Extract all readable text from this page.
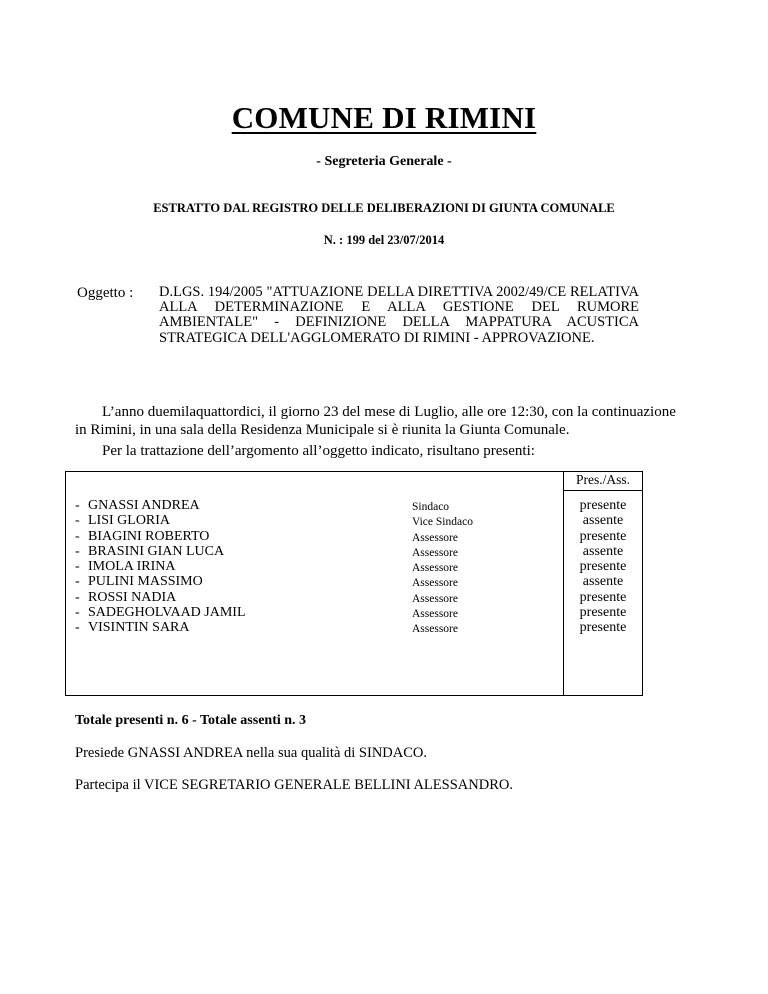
COMUNE DI RIMINI
- Segreteria Generale -
ESTRATTO DAL REGISTRO DELLE DELIBERAZIONI DI GIUNTA COMUNALE
N. : 199 del 23/07/2014
Oggetto : D.LGS. 194/2005 "ATTUAZIONE DELLA DIRETTIVA 2002/49/CE RELATIVA ALLA DETERMINAZIONE E ALLA GESTIONE DEL RUMORE AMBIENTALE" - DEFINIZIONE DELLA MAPPATURA ACUSTICA STRATEGICA DELL'AGGLOMERATO DI RIMINI - APPROVAZIONE.
L’anno duemilaquattordici, il giorno 23 del mese di Luglio, alle ore 12:30, con la continuazione
in Rimini, in una sala della Residenza Municipale si è riunita la Giunta Comunale.
Per la trattazione dell’argomento all’oggetto indicato, risultano presenti:
Pres./Ass.
- GNASSI ANDREA
- LISI GLORIA
- BIAGINI ROBERTO
- BRASINI GIAN LUCA
- IMOLA IRINA
- PULINI MASSIMO
- ROSSI NADIA
- SADEGHOLVAAD JAMIL
- VISINTIN SARA
Sindaco
Vice Sindaco
Assessore
Assessore
Assessore
Assessore
Assessore
Assessore
Assessore
presente
assente
presente
assente
presente
assente
presente
presente
presente
Totale presenti n. 6 - Totale assenti n. 3
Presiede GNASSI ANDREA nella sua qualità di SINDACO.
Partecipa il VICE SEGRETARIO GENERALE BELLINI ALESSANDRO.
